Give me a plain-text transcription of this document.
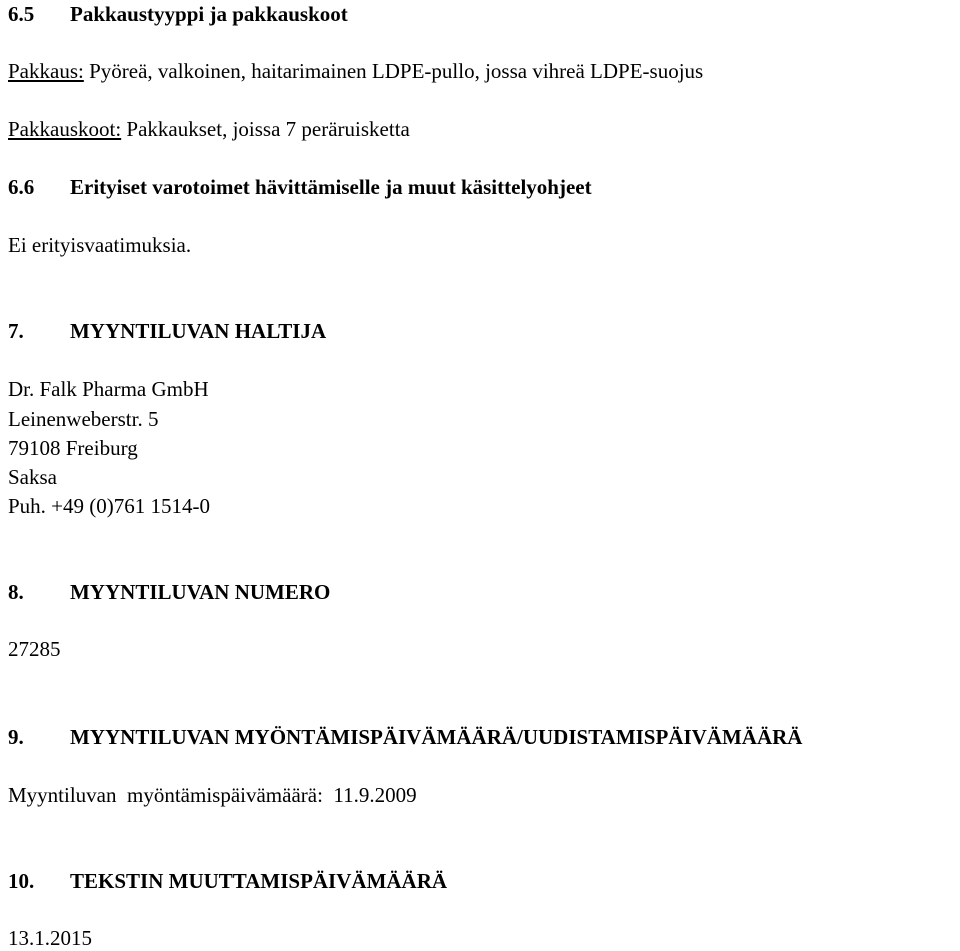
6.5 Pakkaustyyppi ja pakkauskoot
Pakkaus: Pyöreä, valkoinen, haitarimainen LDPE-pullo, jossa vihreä LDPE-suojus
Pakkauskoot: Pakkaukset, joissa 7 peräruisketta
6.6 Erityiset varotoimet hävittämiselle ja muut käsittelyohjeet
Ei erityisvaatimuksia.
7. MYYNTILUVAN HALTIJA
Dr. Falk Pharma GmbH
Leinenweberstr. 5
79108 Freiburg
Saksa
Puh. +49 (0)761 1514-0
8. MYYNTILUVAN NUMERO
27285
9. MYYNTILUVAN MYÖNTÄMISPÄIVÄMÄÄRÄ/UUDISTAMISPÄIVÄMÄÄRÄ
Myyntiluvan  myöntämispäivämäärä:  11.9.2009
10. TEKSTIN MUUTTAMISPÄIVÄMÄÄRÄ
13.1.2015
